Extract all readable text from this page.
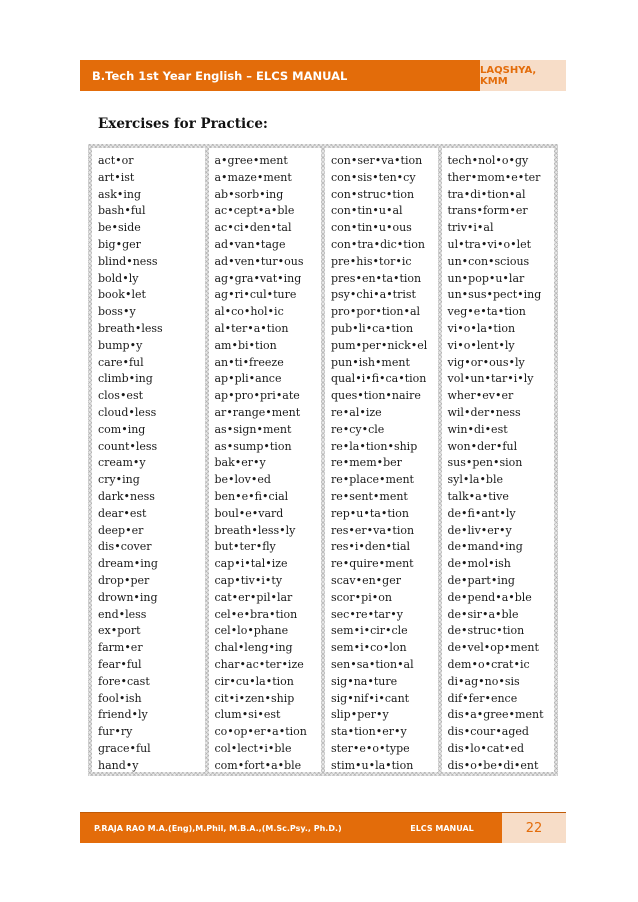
B.Tech 1st Year English – ELCS MANUAL	LAQSHYA, KMM
Exercises for Practice:
act•or
art•ist
ask•ing
bash•ful
be•side
big•ger
blind•ness
bold•ly
book•let
boss•y
breath•less
bump•y
care•ful
climb•ing
clos•est
cloud•less
com•ing
count•less
cream•y
cry•ing
dark•ness
dear•est
deep•er
dis•cover
dream•ing
drop•per
drown•ing
end•less
ex•port
farm•er
fear•ful
fore•cast
fool•ish
friend•ly
fur•ry
grace•ful
hand•y
a•gree•ment
a•maze•ment
ab•sorb•ing
ac•cept•a•ble
ac•ci•den•tal
ad•van•tage
ad•ven•tur•ous
ag•gra•vat•ing
ag•ri•cul•ture
al•co•hol•ic
al•ter•a•tion
am•bi•tion
an•ti•freeze
ap•pli•ance
ap•pro•pri•ate
ar•range•ment
as•sign•ment
as•sump•tion
bak•er•y
be•lov•ed
ben•e•fi•cial
boul•e•vard
breath•less•ly
but•ter•fly
cap•i•tal•ize
cap•tiv•i•ty
cat•er•pil•lar
cel•e•bra•tion
cel•lo•phane
chal•leng•ing
char•ac•ter•ize
cir•cu•la•tion
cit•i•zen•ship
clum•si•est
co•op•er•a•tion
col•lect•i•ble
com•fort•a•ble
con•ser•va•tion
con•sis•ten•cy
con•struc•tion
con•tin•u•al
con•tin•u•ous
con•tra•dic•tion
pre•his•tor•ic
pres•en•ta•tion
psy•chi•a•trist
pro•por•tion•al
pub•li•ca•tion
pum•per•nick•el
pun•ish•ment
qual•i•fi•ca•tion
ques•tion•naire
re•al•ize
re•cy•cle
re•la•tion•ship
re•mem•ber
re•place•ment
re•sent•ment
rep•u•ta•tion
res•er•va•tion
res•i•den•tial
re•quire•ment
scav•en•ger
scor•pi•on
sec•re•tar•y
sem•i•cir•cle
sem•i•co•lon
sen•sa•tion•al
sig•na•ture
sig•nif•i•cant
slip•per•y
sta•tion•er•y
ster•e•o•type
stim•u•la•tion
tech•nol•o•gy
ther•mom•e•ter
tra•di•tion•al
trans•form•er
triv•i•al
ul•tra•vi•o•let
un•con•scious
un•pop•u•lar
un•sus•pect•ing
veg•e•ta•tion
vi•o•la•tion
vi•o•lent•ly
vig•or•ous•ly
vol•un•tar•i•ly
wher•ev•er
wil•der•ness
win•di•est
won•der•ful
sus•pen•sion
syl•la•ble
talk•a•tive
de•fi•ant•ly
de•liv•er•y
de•mand•ing
de•mol•ish
de•part•ing
de•pend•a•ble
de•sir•a•ble
de•struc•tion
de•vel•op•ment
dem•o•crat•ic
di•ag•no•sis
dif•fer•ence
dis•a•gree•ment
dis•cour•aged
dis•lo•cat•ed
dis•o•be•di•ent
P.RAJA RAO M.A.(Eng),M.Phil, M.B.A.,(M.Sc.Psy., Ph.D.)	ELCS MANUAL	22
